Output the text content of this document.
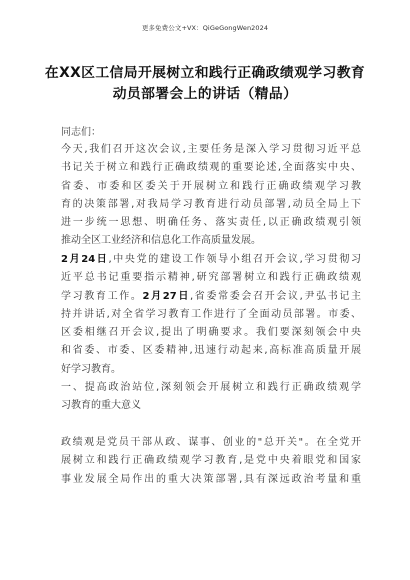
更多免费公文+VX：QiGeGongWen2024
在XX区工信局开展树立和践行正确政绩观学习教育
动员部署会上的讲话（精品）
同志们：
今天,我们召开这次会议,主要任务是深入学习贯彻习近平总
书记关于树立和践行正确政绩观的重要论述,全面落实中央、
省委、市委和区委关于开展树立和践行正确政绩观学习教
育的决策部署,对我局学习教育进行动员部署,动员全局上下
进一步统一思想、明确任务、落实责任,以正确政绩观引领
推动全区工业经济和信息化工作高质量发展。
2月24日,中央党的建设工作领导小组召开会议,学习贯彻习
近平总书记重要指示精神,研究部署树立和践行正确政绩观
学习教育工作。2月27日,省委常委会召开会议,尹弘书记主
持并讲话,对全省学习教育工作进行了全面动员部署。市委、
区委相继召开会议,提出了明确要求。我们要深刻领会中央
和省委、市委、区委精神,迅速行动起来,高标准高质量开展
好学习教育。
一、提高政治站位,深刻领会开展树立和践行正确政绩观学
习教育的重大意义
政绩观是党员干部从政、谋事、创业的"总开关"。在全党开
展树立和践行正确政绩观学习教育,是党中央着眼党和国家
事业发展全局作出的重大决策部署,具有深远政治考量和重
